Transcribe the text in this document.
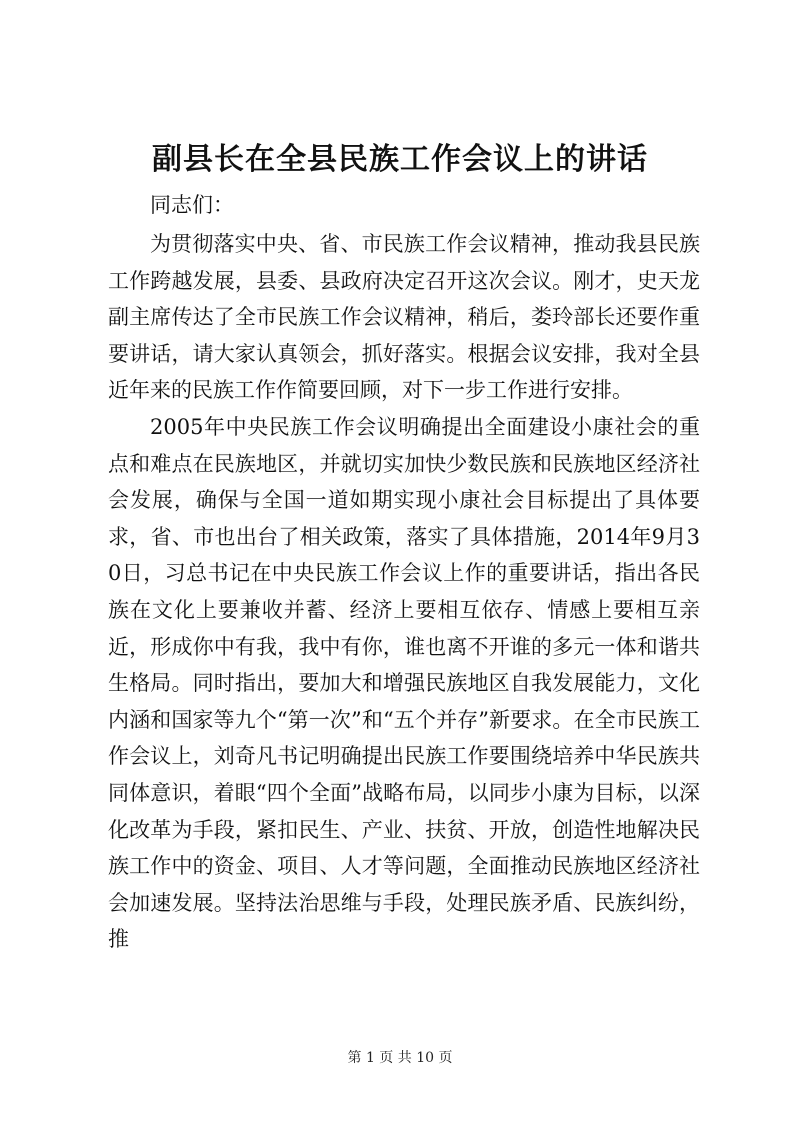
副县长在全县民族工作会议上的讲话

同志们：

为贯彻落实中央、省、市民族工作会议精神，推动我县民族工作跨越发展，县委、县政府决定召开这次会议。刚才，史天龙副主席传达了全市民族工作会议精神，稍后，娄玲部长还要作重要讲话，请大家认真领会，抓好落实。根据会议安排，我对全县近年来的民族工作作简要回顾，对下一步工作进行安排。

2005年中央民族工作会议明确提出全面建设小康社会的重点和难点在民族地区，并就切实加快少数民族和民族地区经济社会发展，确保与全国一道如期实现小康社会目标提出了具体要求，省、市也出台了相关政策，落实了具体措施，2014年9月30日，习总书记在中央民族工作会议上作的重要讲话，指出各民族在文化上要兼收并蓄、经济上要相互依存、情感上要相互亲近，形成你中有我，我中有你，谁也离不开谁的多元一体和谐共生格局。同时指出，要加大和增强民族地区自我发展能力，文化内涵和国家等九个“第一次”和“五个并存”新要求。在全市民族工作会议上，刘奇凡书记明确提出民族工作要围绕培养中华民族共同体意识，着眼“四个全面”战略布局，以同步小康为目标，以深化改革为手段，紧扣民生、产业、扶贫、开放，创造性地解决民族工作中的资金、项目、人才等问题，全面推动民族地区经济社会加速发展。坚持法治思维与手段，处理民族矛盾、民族纠纷，推

第 1 页 共 10 页
